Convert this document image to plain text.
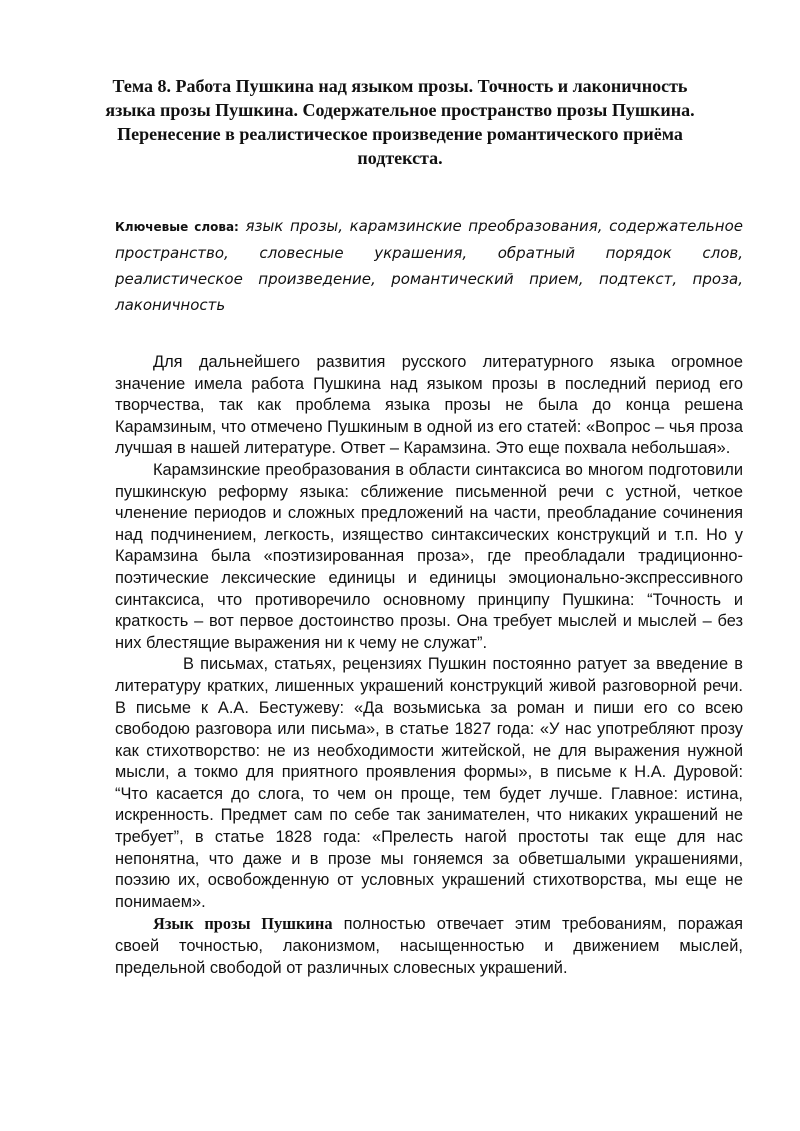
Тема 8. Работа Пушкина над языком прозы. Точность и лаконичность языка прозы Пушкина. Содержательное пространство прозы Пушкина. Перенесение в реалистическое произведение романтического приёма подтекста.
Ключевые слова: язык прозы, карамзинские преобразования, содержательное пространство, словесные украшения, обратный порядок слов, реалистическое произведение, романтический прием, подтекст, проза, лаконичность

Для дальнейшего развития русского литературного языка огромное значение имела работа Пушкина над языком прозы в последний период его творчества, так как проблема языка прозы не была до конца решена Карамзиным, что отмечено Пушкиным в одной из его статей: «Вопрос – чья проза лучшая в нашей литературе. Ответ – Карамзина. Это еще похвала небольшая».

Карамзинские преобразования в области синтаксиса во многом подготовили пушкинскую реформу языка: сближение письменной речи с устной, четкое членение периодов и сложных предложений на части, преобладание сочинения над подчинением, легкость, изящество синтаксических конструкций и т.п. Но у Карамзина была «поэтизированная проза», где преобладали традиционно-поэтические лексические единицы и единицы эмоционально-экспрессивного синтаксиса, что противоречило основному принципу Пушкина: “Точность и краткость – вот первое достоинство прозы. Она требует мыслей и мыслей – без них блестящие выражения ни к чему не служат”.

В письмах, статьях, рецензиях Пушкин постоянно ратует за введение в литературу кратких, лишенных украшений конструкций живой разговорной речи. В письме к А.А. Бестужеву: «Да возьмиська за роман и пиши его со всею свободою разговора или письма», в статье 1827 года: «У нас употребляют прозу как стихотворство: не из необходимости житейской, не для выражения нужной мысли, а токмо для приятного проявления формы», в письме к Н.А. Дуровой: “Что касается до слога, то чем он проще, тем будет лучше. Главное: истина, искренность. Предмет сам по себе так занимателен, что никаких украшений не требует”, в статье 1828 года: «Прелесть нагой простоты так еще для нас непонятна, что даже и в прозе мы гоняемся за обветшалыми украшениями, поэзию их, освобожденную от условных украшений стихотворства, мы еще не понимаем».

Язык прозы Пушкина полностью отвечает этим требованиям, поражая своей точностью, лаконизмом, насыщенностью и движением мыслей, предельной свободой от различных словесных украшений.
